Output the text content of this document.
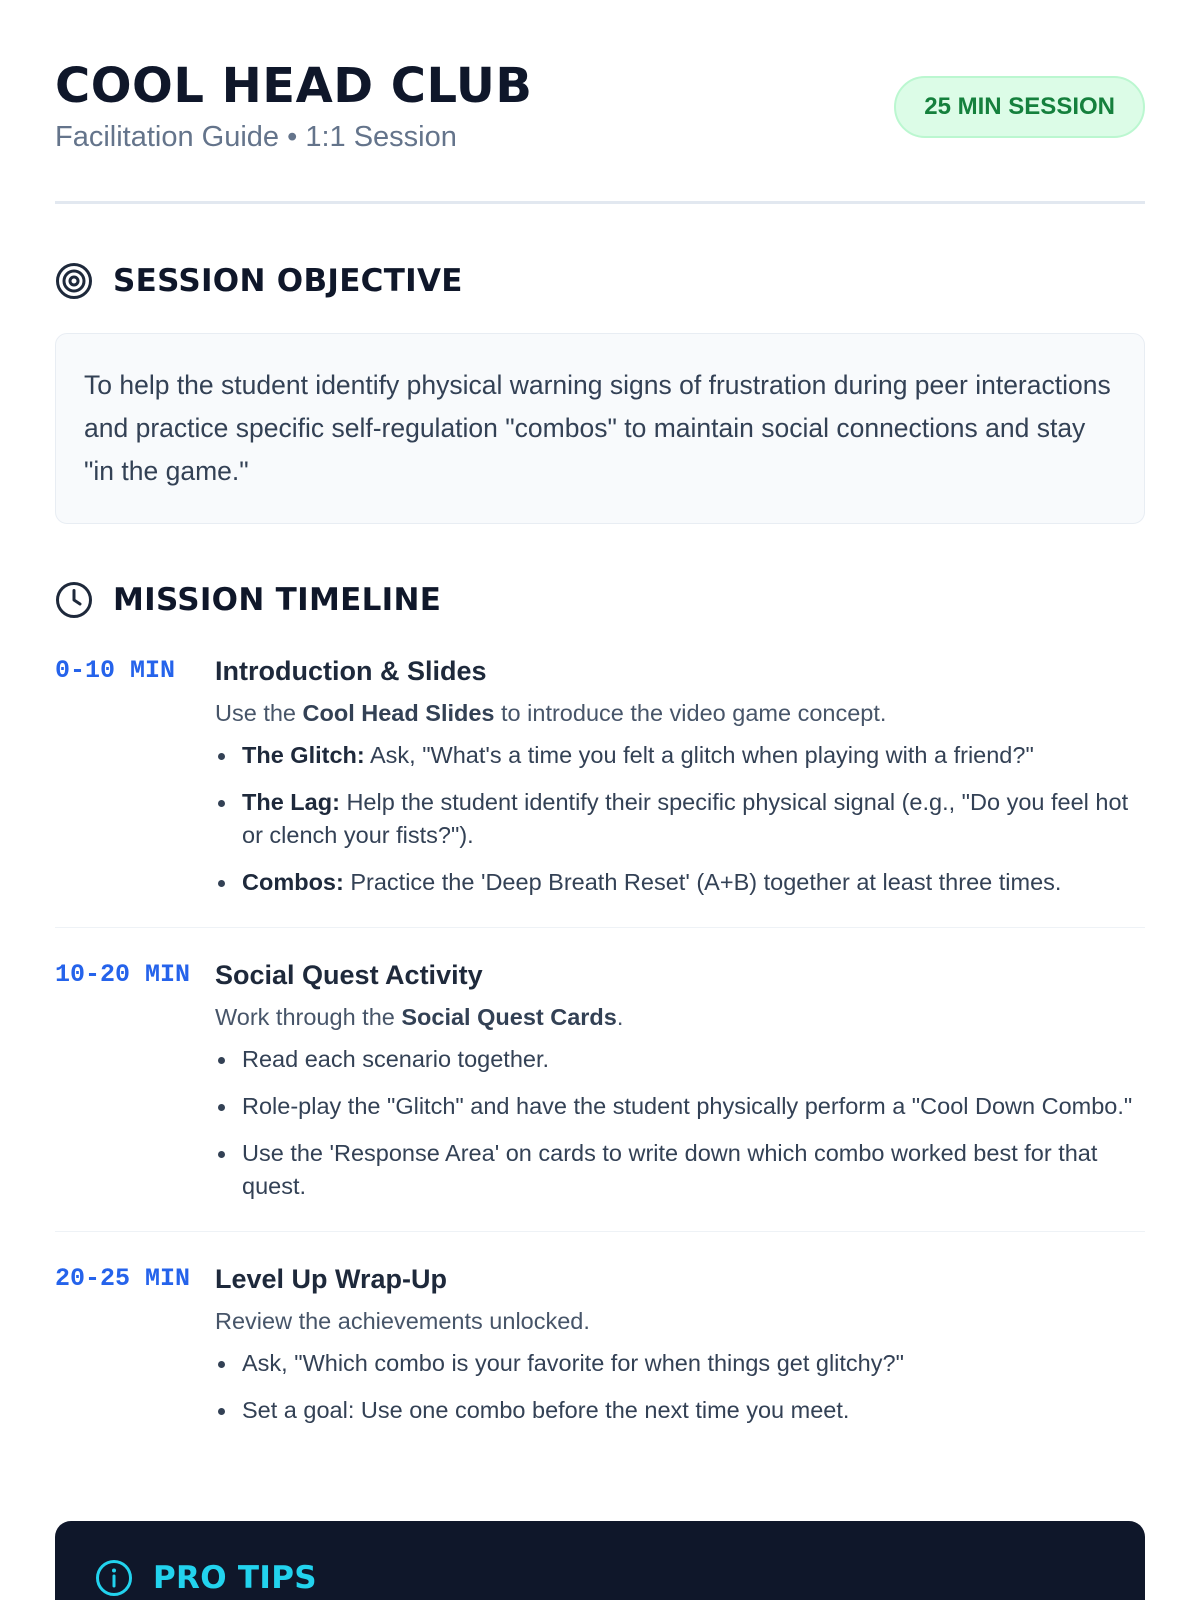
COOL HEAD CLUB
Facilitation Guide • 1:1 Session
25 MIN SESSION
SESSION OBJECTIVE
To help the student identify physical warning signs of frustration during peer interactions and practice specific self-regulation "combos" to maintain social connections and stay "in the game."
MISSION TIMELINE
0-10 MIN	Introduction & Slides
Use the Cool Head Slides to introduce the video game concept.
The Glitch: Ask, "What's a time you felt a glitch when playing with a friend?"
The Lag: Help the student identify their specific physical signal (e.g., "Do you feel hot or clench your fists?").
Combos: Practice the 'Deep Breath Reset' (A+B) together at least three times.
10-20 MIN Social Quest Activity
Work through the Social Quest Cards.
Read each scenario together.
Role-play the "Glitch" and have the student physically perform a "Cool Down Combo."
Use the 'Response Area' on cards to write down which combo worked best for that quest.
20-25 MIN Level Up Wrap-Up
Review the achievements unlocked.
Ask, "Which combo is your favorite for when things get glitchy?"
Set a goal: Use one combo before the next time you meet.
PRO TIPS
